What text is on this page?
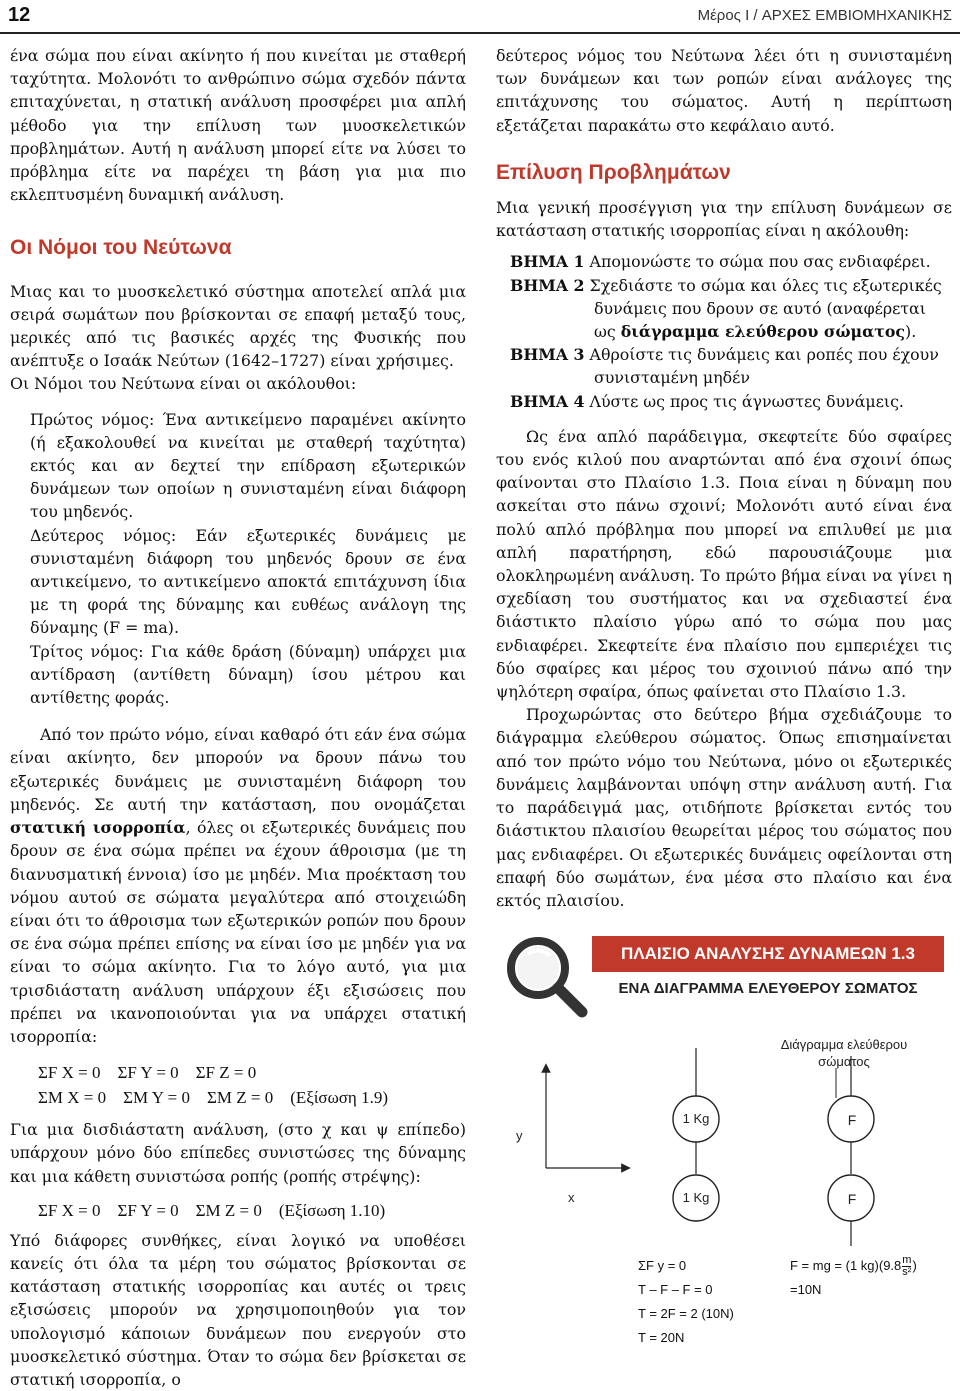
12	Μέρος I / ΑΡΧΕΣ ΕΜΒΙΟΜΗΧΑΝΙΚΗΣ

ένα σώμα που είναι ακίνητο ή που κινείται με σταθερή ταχύτητα. Μολονότι το ανθρώπινο σώμα σχεδόν πάντα επιταχύνεται, η στατική ανάλυση προσφέρει μια απλή μέθοδο για την επίλυση των μυοσκελετικών προβλημάτων. Αυτή η ανάλυση μπορεί είτε να λύσει το πρόβλημα είτε να παρέχει τη βάση για μια πιο εκλεπτυσμένη δυναμική ανάλυση.

Οι Νόμοι του Νεύτωνα

Μιας και το μυοσκελετικό σύστημα αποτελεί απλά μια σειρά σωμάτων που βρίσκονται σε επαφή μεταξύ τους, μερικές από τις βασικές αρχές της Φυσικής που ανέπτυξε ο Ισαάκ Νεύτων (1642–1727) είναι χρήσιμες.

Οι Νόμοι του Νεύτωνα είναι οι ακόλουθοι:

Πρώτος νόμος: Ένα αντικείμενο παραμένει ακίνητο (ή εξακολουθεί να κινείται με σταθερή ταχύτητα) εκτός και αν δεχτεί την επίδραση εξωτερικών δυνάμεων των οποίων η συνισταμένη είναι διάφορη του μηδενός.

Δεύτερος νόμος: Εάν εξωτερικές δυνάμεις με συνισταμένη διάφορη του μηδενός δρουν σε ένα αντικείμενο, το αντικείμενο αποκτά επιτάχυνση ίδια με τη φορά της δύναμης και ευθέως ανάλογη της δύναμης (F = ma).

Τρίτος νόμος: Για κάθε δράση (δύναμη) υπάρχει μια αντίδραση (αντίθετη δύναμη) ίσου μέτρου και αντίθετης φοράς.

Από τον πρώτο νόμο, είναι καθαρό ότι εάν ένα σώμα είναι ακίνητο, δεν μπορούν να δρουν πάνω του εξωτερικές δυνάμεις με συνισταμένη διάφορη του μηδενός. Σε αυτή την κατάσταση, που ονομάζεται στατική ισορροπία, όλες οι εξωτερικές δυνάμεις που δρουν σε ένα σώμα πρέπει να έχουν άθροισμα (με τη διανυσματική έννοια) ίσο με μηδέν. Μια προέκταση του νόμου αυτού σε σώματα μεγαλύτερα από στοιχειώδη είναι ότι το άθροισμα των εξωτερικών ροπών που δρουν σε ένα σώμα πρέπει επίσης να είναι ίσο με μηδέν για να είναι το σώμα ακίνητο. Για το λόγο αυτό, για μια τρισδιάστατη ανάλυση υπάρχουν έξι εξισώσεις που πρέπει να ικανοποιούνται για να υπάρχει στατική ισορροπία:

ΣF X = 0    ΣF Y = 0    ΣF Z = 0
ΣM X = 0    ΣM Y = 0    ΣM Z = 0    (Εξίσωση 1.9)

Για μια δισδιάστατη ανάλυση, (στο χ και ψ επίπεδο) υπάρχουν μόνο δύο επίπεδες συνιστώσες της δύναμης και μια κάθετη συνιστώσα ροπής (ροπής στρέψης):

ΣF X = 0    ΣF Y = 0    ΣM Z = 0    (Εξίσωση 1.10)

Υπό διάφορες συνθήκες, είναι λογικό να υποθέσει κανείς ότι όλα τα μέρη του σώματος βρίσκονται σε κατάσταση στατικής ισορροπίας και αυτές οι τρεις εξισώσεις μπορούν να χρησιμοποιηθούν για τον υπολογισμό κάποιων δυνάμεων που ενεργούν στο μυοσκελετικό σύστημα. Όταν το σώμα δεν βρίσκεται σε στατική ισορροπία, ο

δεύτερος νόμος του Νεύτωνα λέει ότι η συνισταμένη των δυνάμεων και των ροπών είναι ανάλογες της επιτάχυνσης του σώματος. Αυτή η περίπτωση εξετάζεται παρακάτω στο κεφάλαιο αυτό.

Επίλυση Προβλημάτων

Μια γενική προσέγγιση για την επίλυση δυνάμεων σε κατάσταση στατικής ισορροπίας είναι η ακόλουθη:

ΒΗΜΑ 1 Απομονώστε το σώμα που σας ενδιαφέρει.

ΒΗΜΑ 2 Σχεδιάστε το σώμα και όλες τις εξωτερικές δυνάμεις που δρουν σε αυτό (αναφέρεται ως διάγραμμα ελεύθερου σώματος).

ΒΗΜΑ 3 Αθροίστε τις δυνάμεις και ροπές που έχουν συνισταμένη μηδέν

ΒΗΜΑ 4 Λύστε ως προς τις άγνωστες δυνάμεις.

Ως ένα απλό παράδειγμα, σκεφτείτε δύο σφαίρες του ενός κιλού που αναρτώνται από ένα σχοινί όπως φαίνονται στο Πλαίσιο 1.3. Ποια είναι η δύναμη που ασκείται στο πάνω σχοινί; Μολονότι αυτό είναι ένα πολύ απλό πρόβλημα που μπορεί να επιλυθεί με μια απλή παρατήρηση, εδώ παρουσιάζουμε μια ολοκληρωμένη ανάλυση. Το πρώτο βήμα είναι να γίνει η σχεδίαση του συστήματος και να σχεδιαστεί ένα διάστικτο πλαίσιο γύρω από το σώμα που μας ενδιαφέρει. Σκεφτείτε ένα πλαίσιο που εμπεριέχει τις δύο σφαίρες και μέρος του σχοινιού πάνω από την ψηλότερη σφαίρα, όπως φαίνεται στο Πλαίσιο 1.3.

Προχωρώντας στο δεύτερο βήμα σχεδιάζουμε το διάγραμμα ελεύθερου σώματος. Όπως επισημαίνεται από τον πρώτο νόμο του Νεύτωνα, μόνο οι εξωτερικές δυνάμεις λαμβάνονται υπόψη στην ανάλυση αυτή. Για το παράδειγμά μας, οτιδήποτε βρίσκεται εντός του διάστικτου πλαισίου θεωρείται μέρος του σώματος που μας ενδιαφέρει. Οι εξωτερικές δυνάμεις οφείλονται στη επαφή δύο σωμάτων, ένα μέσα στο πλαίσιο και ένα εκτός πλαισίου.

ΠΛΑΙΣΙΟ ΑΝΑΛΥΣΗΣ ΔΥΝΑΜΕΩΝ 1.3
ΕΝΑ ΔΙΑΓΡΑΜΜΑ ΕΛΕΥΘΕΡΟΥ ΣΩΜΑΤΟΣ
Διάγραμμα ελεύθερου σώματος
y
x
1 Kg
1 Kg
F
F
ΣF y = 0
T – F – F = 0
T = 2F = 2 (10N)
T = 20N
F = mg = (1 $kg)(9.8 \frac{m}{\text{s²}}$ )
=10N
